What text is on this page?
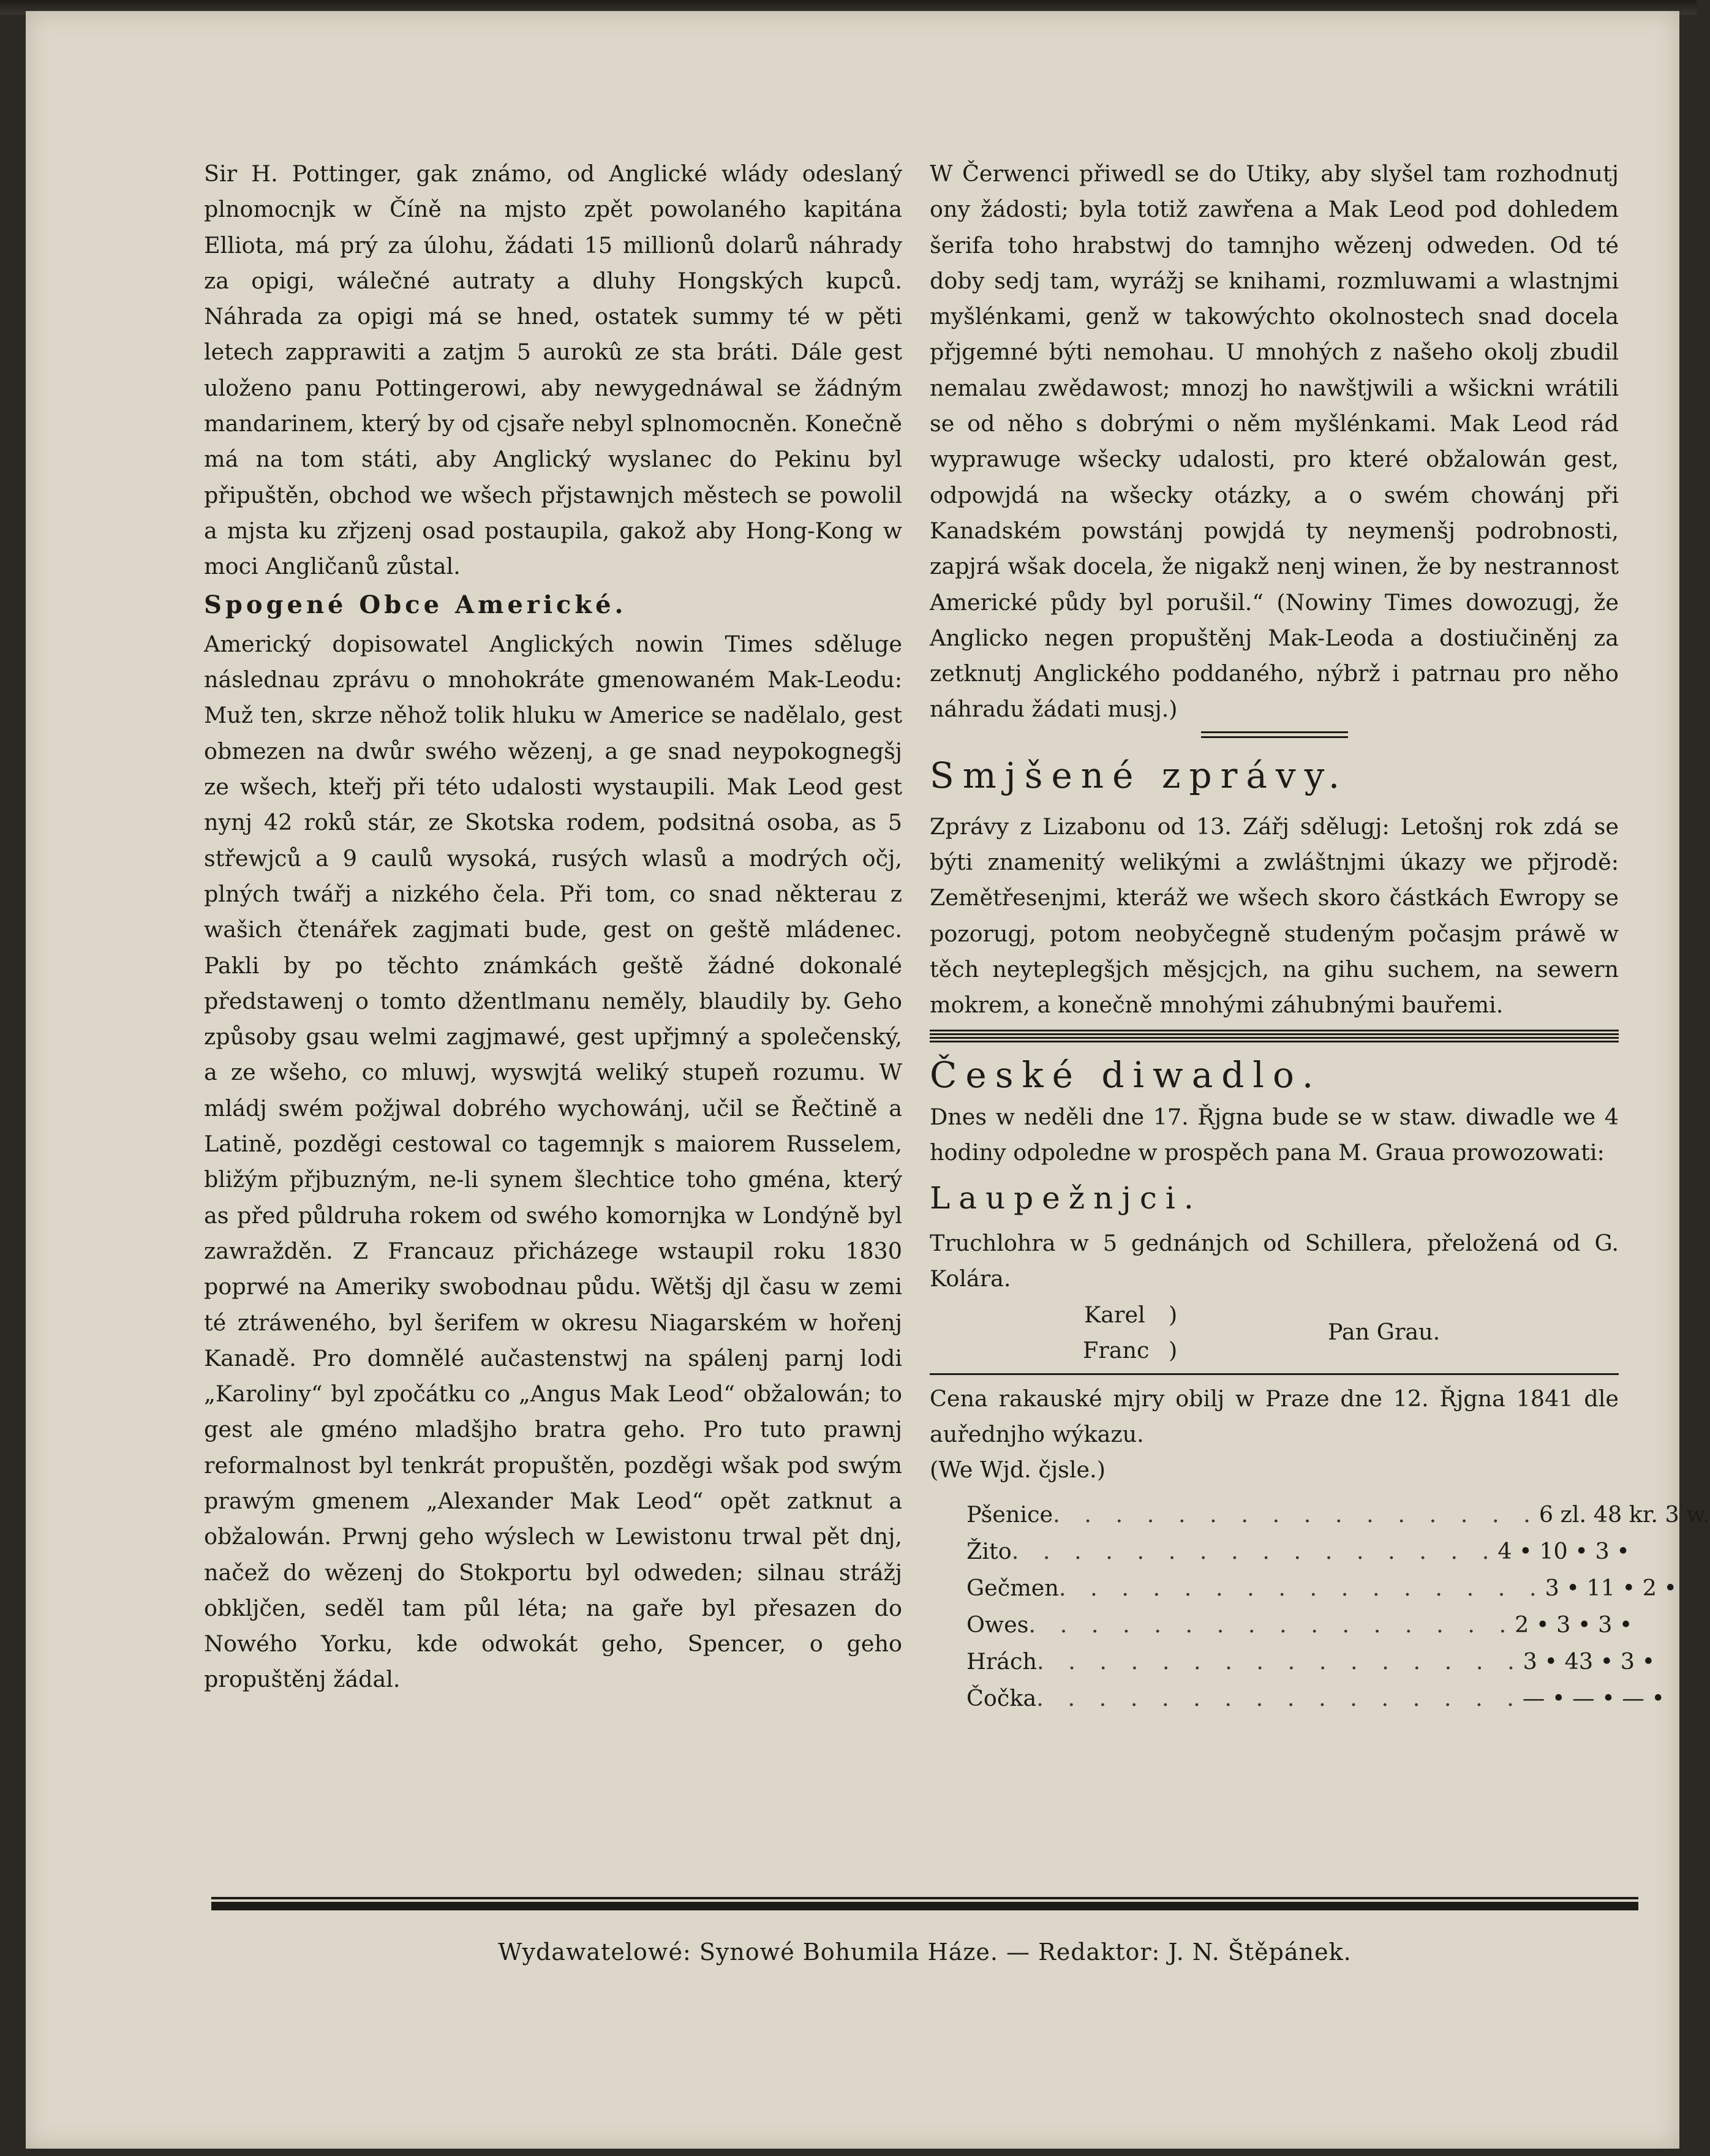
Sir H. Pottinger, gak známo, od Anglické wlády odeslaný plnomocnjk w Číně na mjsto zpět powolaného kapitána Elliota, má prý za úlohu, žádati 15 millionů dolarů náhrady za opigi, wálečné autraty a dluhy Hongských kupců. Náhrada za opigi má se hned, ostatek summy té w pěti letech zapprawiti a zatjm 5 aurokû ze sta bráti. Dále gest uloženo panu Pottingerowi, aby newygednáwal se žádným mandarinem, který by od cjsaře nebyl splnomocněn. Konečně má na tom státi, aby Anglický wyslanec do Pekinu byl připuštěn, obchod we wšech přjstawnjch městech se powolil a mjsta ku zřjzenj osad postaupila, gakož aby Hong-Kong w moci Angličanů zůstal.

Spogené Obce Americké.

Americký dopisowatel Anglických nowin Times sděluge následnau zprávu o mnohokráte gmenowaném Mak-Leodu: Muž ten, skrze něhož tolik hluku w Americe se nadělalo, gest obmezen na dwůr swého wězenj, a ge snad neypokognegšj ze wšech, kteřj při této udalosti wystaupili. Mak Leod gest nynj 42 roků stár, ze Skotska rodem, podsitná osoba, as 5 střewjců a 9 caulů wysoká, rusých wlasů a modrých očj, plných twářj a nizkého čela. Při tom, co snad některau z wašich čtenářek zagjmati bude, gest on geště mládenec. Pakli by po těchto známkách geště žádné dokonalé předstawenj o tomto džentlmanu neměly, blaudily by. Geho způsoby gsau welmi zagjmawé, gest upřjmný a společenský, a ze wšeho, co mluwj, wyswjtá weliký stupeň rozumu. W mládj swém požjwal dobrého wychowánj, učil se Řečtině a Latině, pozděgi cestowal co tagemnjk s maiorem Russelem, bližým přjbuzným, ne-li synem šlechtice toho gména, který as před půldruha rokem od swého komornjka w Londýně byl zawražděn. Z Francauz přicházege wstaupil roku 1830 poprwé na Ameriky swobodnau půdu. Wětšj djl času w zemi té ztráweného, byl šerifem w okresu Niagarském w hořenj Kanadě. Pro domnělé aučastenstwj na spálenj parnj lodi „Karoliny“ byl zpočátku co „Angus Mak Leod“ obžalowán; to gest ale gméno mladšjho bratra geho. Pro tuto prawnj reformalnost byl tenkrát propuštěn, pozděgi wšak pod swým prawým gmenem „Alexander Mak Leod“ opět zatknut a obžalowán. Prwnj geho wýslech w Lewistonu trwal pět dnj, načež do wězenj do Stokportu byl odweden; silnau strážj obkljčen, seděl tam půl léta; na gaře byl přesazen do Nowého Yorku, kde odwokát geho, Spencer, o geho propuštěnj žádal.

W Čerwenci přiwedl se do Utiky, aby slyšel tam rozhodnutj ony žádosti; byla totiž zawřena a Mak Leod pod dohledem šerifa toho hrabstwj do tamnjho wězenj odweden. Od té doby sedj tam, wyrážj se knihami, rozmluwami a wlastnjmi myšlénkami, genž w takowýchto okolnostech snad docela přjgemné býti nemohau. U mnohých z našeho okolj zbudil nemalau zwědawost; mnozj ho nawštjwili a wšickni wrátili se od něho s dobrými o něm myšlénkami. Mak Leod rád wyprawuge wšecky udalosti, pro které obžalowán gest, odpowjdá na wšecky otázky, a o swém chowánj při Kanadském powstánj powjdá ty neymenšj podrobnosti, zapjrá wšak docela, že nigakž nenj winen, že by nestrannost Americké půdy byl porušil.“ (Nowiny Times dowozugj, že Anglicko negen propuštěnj Mak-Leoda a dostiučiněnj za zetknutj Anglického poddaného, nýbrž i patrnau pro něho náhradu žádati musj.)

Smjšené zprávy.

Zprávy z Lizabonu od 13. Zářj sdělugj: Letošnj rok zdá se býti znamenitý welikými a zwláštnjmi úkazy we přjrodě: Zemětřesenjmi, kteráž we wšech skoro částkách Ewropy se pozorugj, potom neobyčegně studeným počasjm práwě w těch neyteplegšjch měsjcjch, na gihu suchem, na sewern mokrem, a konečně mnohými záhubnými bauřemi.

České diwadlo.

Dnes w neděli dne 17. Řjgna bude se w staw. diwadle we 4 hodiny odpoledne w prospěch pana M. Graua prowozowati:

Laupežnjci.

Truchlohra w 5 gednánjch od Schillera, přeložená od G. Kolára.

Karel
Franc
)
)
Pan Grau.

Cena rakauské mjry obilj w Praze dne 12. Řjgna 1841 dle auřednjho wýkazu.

(We Wjd. čjsle.)

Pšenice . . . . . . . . . . . . . . . . 6 zl. 48 kr. 3 w.
Žito . . . . . . . . . . . . . . . . 4 • 10 • 3 •
Gečmen . . . . . . . . . . . . . . . . 3 • 11 • 2 •
Owes . . . . . . . . . . . . . . . . 2 • 3 • 3 •
Hrách . . . . . . . . . . . . . . . . 3 • 43 • 3 •
Čočka . . . . . . . . . . . . . . . . — • — • — •
Wydawatelowé: Synowé Bohumila Háze. — Redaktor: J. N. Štěpánek.
